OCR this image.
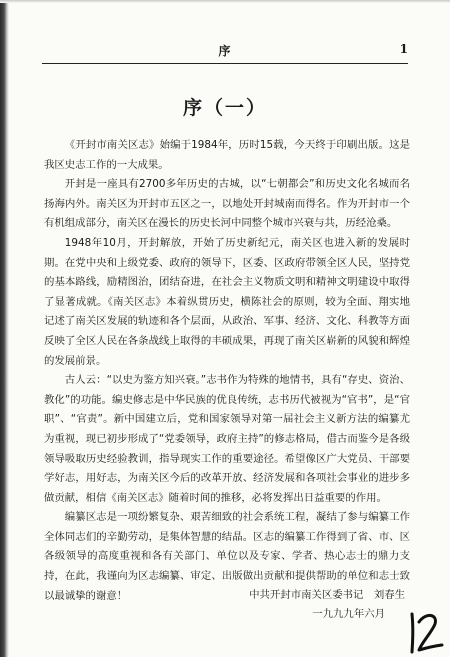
序	1
序（一）

《开封市南关区志》始编于1984年，历时15载，今天终于印刷出版。这是我区史志工作的一大成果。

开封是一座具有2700多年历史的古城，以“七朝都会”和历史文化名城而名扬海内外。南关区为开封市五区之一，以地处开封城南而得名。作为开封市一个有机组成部分，南关区在漫长的历史长河中同整个城市兴衰与共，历经沧桑。

1948年10月，开封解放，开始了历史新纪元，南关区也进入新的发展时期。在党中央和上级党委、政府的领导下，区委、区政府带领全区人民，坚持党的基本路线，励精图治，团结奋进，在社会主义物质文明和精神文明建设中取得了显著成就。《南关区志》本着纵贯历史，横陈社会的原则，较为全面、翔实地记述了南关区发展的轨迹和各个层面，从政治、军事、经济、文化、科教等方面反映了全区人民在各条战线上取得的丰硕成果，再现了南关区崭新的风貌和辉煌的发展前景。

古人云：“以史为鉴方知兴衰。”志书作为特殊的地情书，具有“存史、资治、教化”的功能。编史修志是中华民族的优良传统，志书历代被视为“官书”，是“官职”、“官责”。新中国建立后，党和国家领导对第一届社会主义新方法的编纂尤为重视，现已初步形成了“党委领导，政府主持”的修志格局，借古而鉴今是各级领导吸取历史经验教训，指导现实工作的重要途径。希望像区广大党员、干部要学好志，用好志，为南关区今后的改革开放、经济发展和各项社会事业的进步多做贡献，相信《南关区志》随着时间的推移，必将发挥出日益重要的作用。

编纂区志是一项纷繁复杂、艰苦细致的社会系统工程，凝结了参与编纂工作全体同志们的辛勤劳动，是集体智慧的结晶。区志的编纂工作得到了省、市、区各级领导的高度重视和各有关部门、单位以及专家、学者、热心志士的鼎力支持，在此，我谨向为区志编纂、审定、出版做出贡献和提供帮助的单位和志士致以最诚挚的谢意！	中共开封市南关区委书记　刘春生
一九九九年六月
